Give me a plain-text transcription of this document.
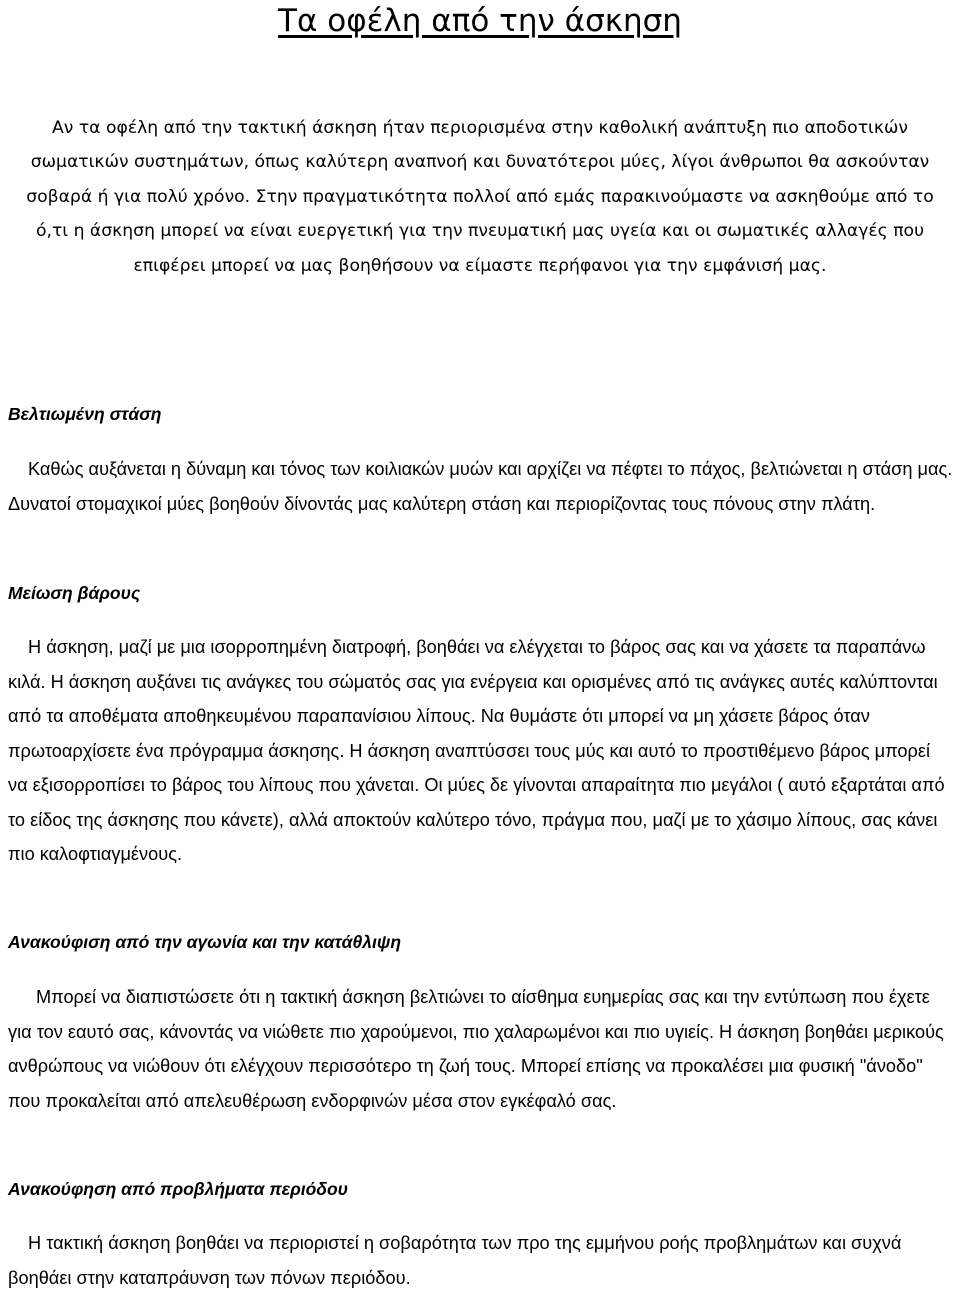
Τα οφέλη από την άσκηση

Αν τα οφέλη από την τακτική άσκηση ήταν περιορισμένα στην καθολική ανάπτυξη πιο αποδοτικών σωματικών συστημάτων, όπως καλύτερη αναπνοή και δυνατότεροι μύες, λίγοι άνθρωποι θα ασκούνταν σοβαρά ή για πολύ χρόνο. Στην πραγματικότητα πολλοί από εμάς παρακινούμαστε να ασκηθούμε από το ό,τι η άσκηση μπορεί να είναι ευεργετική για την πνευματική μας υγεία και οι σωματικές αλλαγές που επιφέρει μπορεί να μας βοηθήσουν να είμαστε περήφανοι για την εμφάνισή μας.

Βελτιωμένη στάση

Καθώς αυξάνεται η δύναμη και τόνος των κοιλιακών μυών και αρχίζει να πέφτει το πάχος, βελτιώνεται η στάση μας. Δυνατοί στομαχικοί μύες βοηθούν δίνοντάς μας καλύτερη στάση και περιορίζοντας τους πόνους στην πλάτη.

Μείωση βάρους

Η άσκηση, μαζί με μια ισορροπημένη διατροφή, βοηθάει να ελέγχεται το βάρος σας και να χάσετε τα παραπάνω κιλά. Η άσκηση αυξάνει τις ανάγκες του σώματός σας για ενέργεια και ορισμένες από τις ανάγκες αυτές καλύπτονται από τα αποθέματα αποθηκευμένου παραπανίσιου λίπους. Να θυμάστε ότι μπορεί να μη χάσετε βάρος όταν πρωτοαρχίσετε ένα πρόγραμμα άσκησης. Η άσκηση αναπτύσσει τους μύς και αυτό το προστιθέμενο βάρος μπορεί να εξισορροπίσει το βάρος του λίπους που χάνεται. Οι μύες δε γίνονται απαραίτητα πιο μεγάλοι ( αυτό εξαρτάται από το είδος της άσκησης που κάνετε), αλλά αποκτούν καλύτερο τόνο, πράγμα που, μαζί με το χάσιμο λίπους, σας κάνει πιο καλοφτιαγμένους.

Ανακούφιση από την αγωνία και την κατάθλιψη

Μπορεί να διαπιστώσετε ότι η τακτική άσκηση βελτιώνει το αίσθημα ευημερίας σας και την εντύπωση που έχετε για τον εαυτό σας, κάνοντάς να νιώθετε πιο χαρούμενοι, πιο χαλαρωμένοι και πιο υγιείς. Η άσκηση βοηθάει μερικούς ανθρώπους να νιώθουν ότι ελέγχουν περισσότερο τη ζωή τους. Μπορεί επίσης να προκαλέσει μια φυσική "άνοδο" που προκαλείται από απελευθέρωση ενδορφινών μέσα στον εγκέφαλό σας.

Ανακούφηση από προβλήματα περιόδου

Η τακτική άσκηση βοηθάει να περιοριστεί η σοβαρότητα των προ της εμμήνου ροής προβλημάτων και συχνά βοηθάει στην καταπράυνση των πόνων περιόδου.
